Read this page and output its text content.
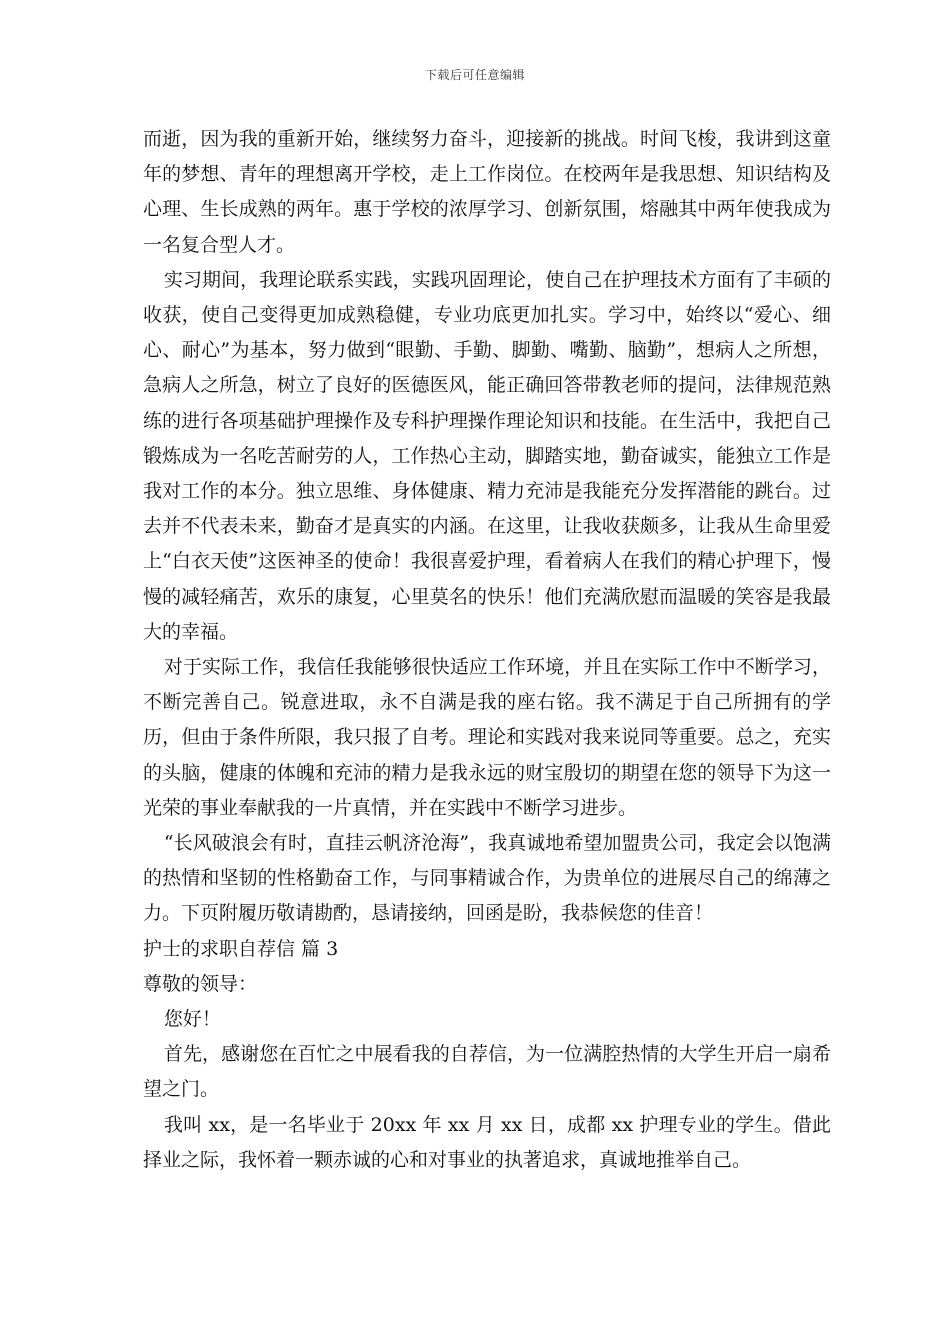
下载后可任意编辑

而逝，因为我的重新开始，继续努力奋斗，迎接新的挑战。时间飞梭，我讲到这童年的梦想、青年的理想离开学校，走上工作岗位。在校两年是我思想、知识结构及心理、生长成熟的两年。惠于学校的浓厚学习、创新氛围，熔融其中两年使我成为一名复合型人才。

实习期间，我理论联系实践，实践巩固理论，使自己在护理技术方面有了丰硕的收获，使自己变得更加成熟稳健，专业功底更加扎实。学习中，始终以“爱心、细心、耐心”为基本，努力做到“眼勤、手勤、脚勤、嘴勤、脑勤”，想病人之所想，急病人之所急，树立了良好的医德医风，能正确回答带教老师的提问，法律规范熟练的进行各项基础护理操作及专科护理操作理论知识和技能。在生活中，我把自己锻炼成为一名吃苦耐劳的人，工作热心主动，脚踏实地，勤奋诚实，能独立工作是我对工作的本分。独立思维、身体健康、精力充沛是我能充分发挥潜能的跳台。过去并不代表未来，勤奋才是真实的内涵。在这里，让我收获颇多，让我从生命里爱上“白衣天使”这医神圣的使命！我很喜爱护理，看着病人在我们的精心护理下，慢慢的减轻痛苦，欢乐的康复，心里莫名的快乐！他们充满欣慰而温暖的笑容是我最大的幸福。

对于实际工作，我信任我能够很快适应工作环境，并且在实际工作中不断学习，不断完善自己。锐意进取，永不自满是我的座右铭。我不满足于自己所拥有的学历，但由于条件所限，我只报了自考。理论和实践对我来说同等重要。总之，充实的头脑，健康的体魄和充沛的精力是我永远的财宝殷切的期望在您的领导下为这一光荣的事业奉献我的一片真情，并在实践中不断学习进步。

“长风破浪会有时，直挂云帆济沧海”，我真诚地希望加盟贵公司，我定会以饱满的热情和坚韧的性格勤奋工作，与同事精诚合作，为贵单位的进展尽自己的绵薄之力。下页附履历敬请勘酌，恳请接纳，回函是盼，我恭候您的佳音！

护士的求职自荐信 篇 3

尊敬的领导：

您好！

首先，感谢您在百忙之中展看我的自荐信，为一位满腔热情的大学生开启一扇希望之门。

我叫 xx，是一名毕业于 20xx 年 xx 月 xx 日，成都 xx 护理专业的学生。借此择业之际，我怀着一颗赤诚的心和对事业的执著追求，真诚地推举自己。
